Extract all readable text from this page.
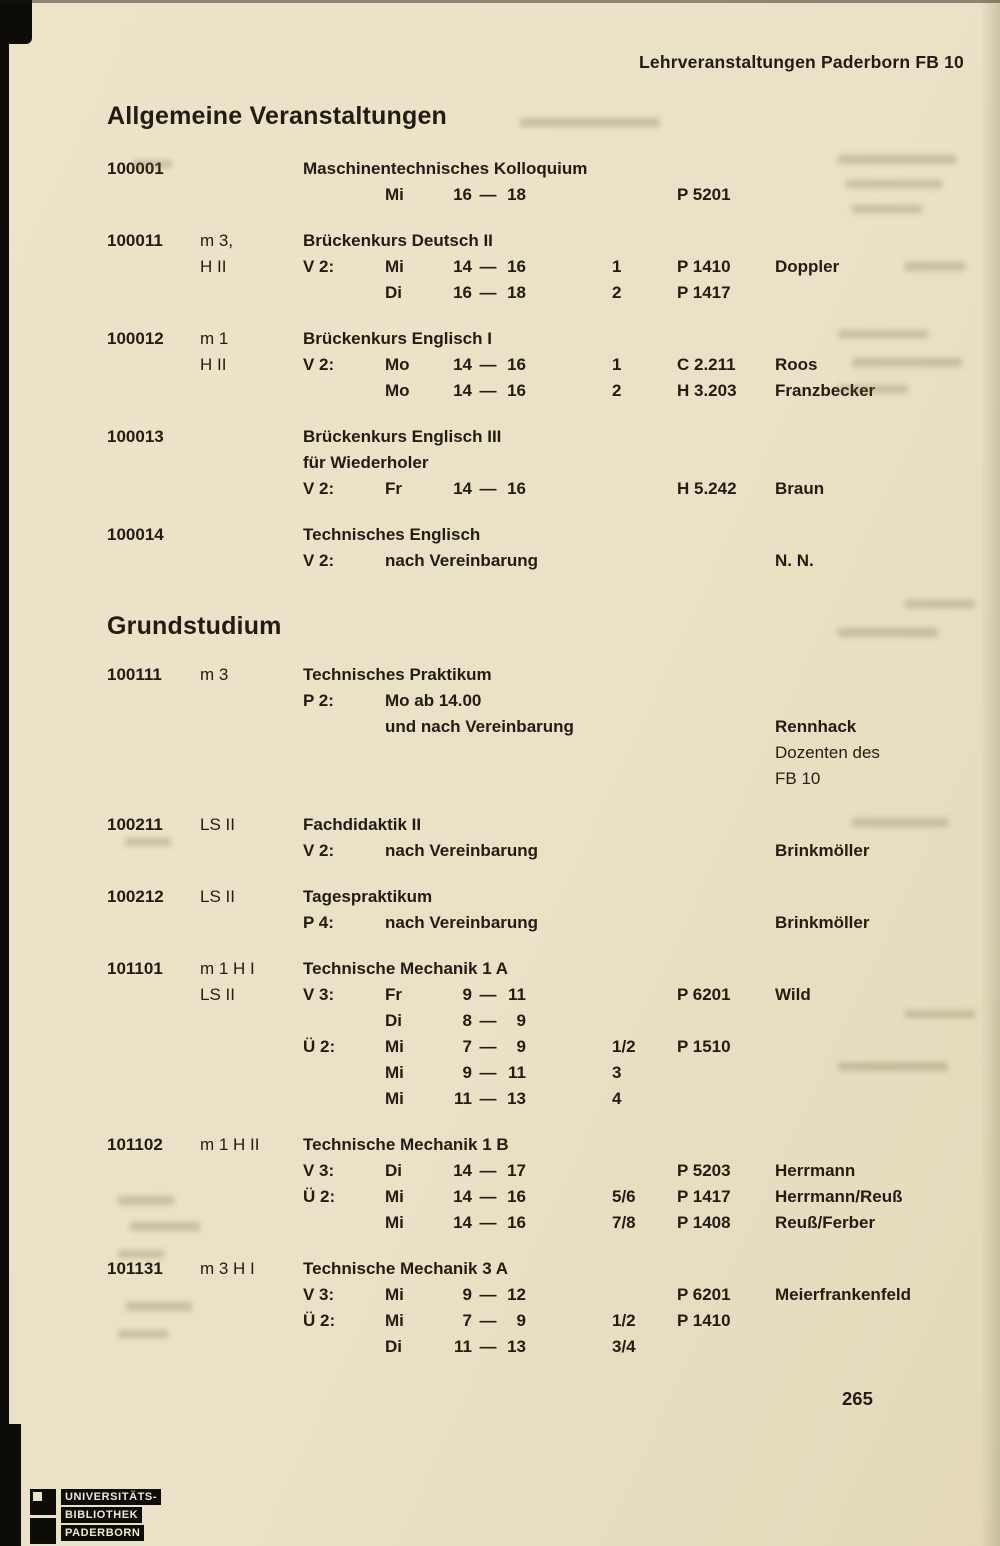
Lehrveranstaltungen Paderborn FB 10
Allgemeine Veranstaltungen
100001	Maschinentechnisches Kolloquium
Mi	16 — 18	P 5201
100011	m 3,	Brückenkurs Deutsch II
H II	V 2:	Mi	14 — 16	1	P 1410	Doppler
Di	16 — 18	2	P 1417
100012	m 1	Brückenkurs Englisch I
H II	V 2:	Mo	14 — 16	1	C 2.211	Roos
Mo	14 — 16	2	H 3.203	Franzbecker
100013	Brückenkurs Englisch III
für Wiederholer
V 2:	Fr	14 — 16	H 5.242	Braun
100014	Technisches Englisch
V 2:	nach Vereinbarung	N. N.
Grundstudium
100111	m 3	Technisches Praktikum
P 2:	Mo ab 14.00
und nach Vereinbarung	Rennhack
Dozenten des
FB 10
100211	LS II	Fachdidaktik II
V 2:	nach Vereinbarung	Brinkmöller
100212	LS II	Tagespraktikum
P 4:	nach Vereinbarung	Brinkmöller
101101	m 1 H I	Technische Mechanik 1 A
LS II	V 3:	Fr	9 — 11	P 6201	Wild
Di	8 — 9
Ü 2:	Mi	7 — 9	1/2	P 1510
Mi	9 — 11	3
Mi	11 — 13	4
101102	m 1 H II	Technische Mechanik 1 B
V 3:	Di	14 — 17	P 5203	Herrmann
Ü 2:	Mi	14 — 16	5/6	P 1417	Herrmann/Reuß
Mi	14 — 16	7/8	P 1408	Reuß/Ferber
101131	m 3 H I	Technische Mechanik 3 A
V 3:	Mi	9 — 12	P 6201	Meierfrankenfeld
Ü 2:	Mi	7 — 9	1/2	P 1410
Di	11 — 13	3/4
265
UNIVERSITÄTS-
BIBLIOTHEK
PADERBORN
